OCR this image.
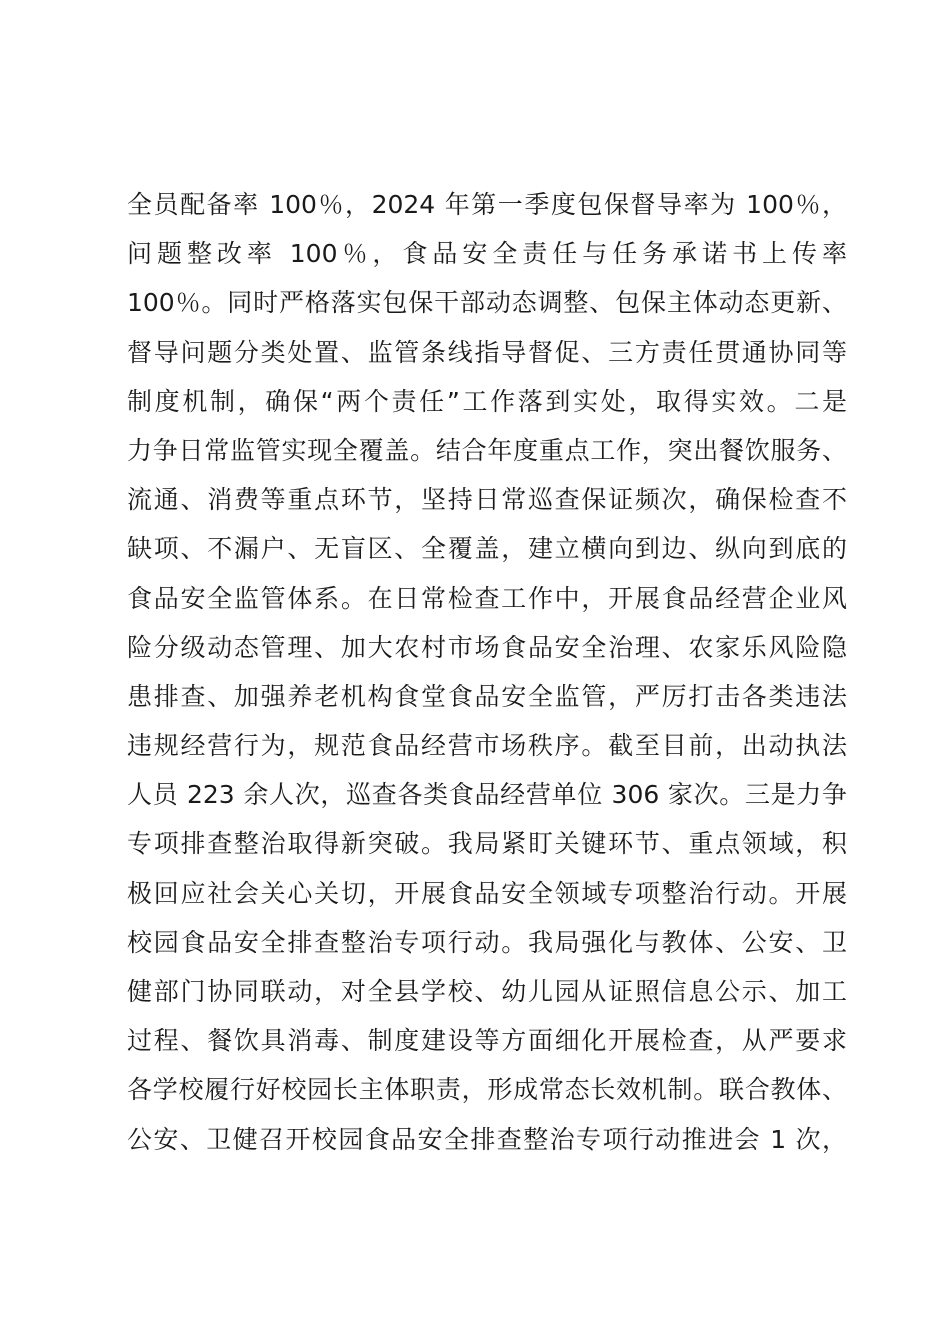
全员配备率 100％，2024 年第一季度包保督导率为 100％，
问题整改率 100％，食品安全责任与任务承诺书上传率
100％。同时严格落实包保干部动态调整、包保主体动态更新、
督导问题分类处置、监管条线指导督促、三方责任贯通协同等
制度机制，确保“两个责任”工作落到实处，取得实效。二是
力争日常监管实现全覆盖。结合年度重点工作，突出餐饮服务、
流通、消费等重点环节，坚持日常巡查保证频次，确保检查不
缺项、不漏户、无盲区、全覆盖，建立横向到边、纵向到底的
食品安全监管体系。在日常检查工作中，开展食品经营企业风
险分级动态管理、加大农村市场食品安全治理、农家乐风险隐
患排查、加强养老机构食堂食品安全监管，严厉打击各类违法
违规经营行为，规范食品经营市场秩序。截至目前，出动执法
人员 223 余人次，巡查各类食品经营单位 306 家次。三是力争
专项排查整治取得新突破。我局紧盯关键环节、重点领域，积
极回应社会关心关切，开展食品安全领域专项整治行动。开展
校园食品安全排查整治专项行动。我局强化与教体、公安、卫
健部门协同联动，对全县学校、幼儿园从证照信息公示、加工
过程、餐饮具消毒、制度建设等方面细化开展检查，从严要求
各学校履行好校园长主体职责，形成常态长效机制。联合教体、
公安、卫健召开校园食品安全排查整治专项行动推进会 1 次，
